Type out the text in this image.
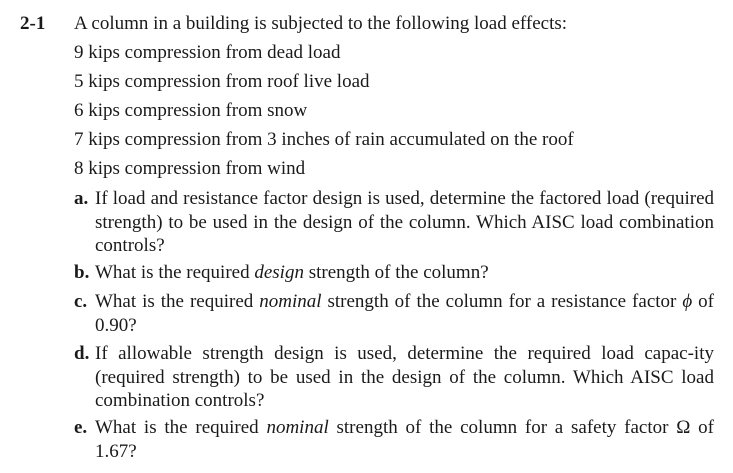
2-1 A column in a building is subjected to the following load effects:
9 kips compression from dead load
5 kips compression from roof live load
6 kips compression from snow
7 kips compression from 3 inches of rain accumulated on the roof
8 kips compression from wind
a. If load and resistance factor design is used, determine the factored load (required strength) to be used in the design of the column. Which AISC load combination controls?
b. What is the required design strength of the column?
c. What is the required nominal strength of the column for a resistance factor ϕ of 0.90?
d. If allowable strength design is used, determine the required load capac-ity (required strength) to be used in the design of the column. Which AISC load combination controls?
e. What is the required nominal strength of the column for a safety factor Ω of 1.67?
